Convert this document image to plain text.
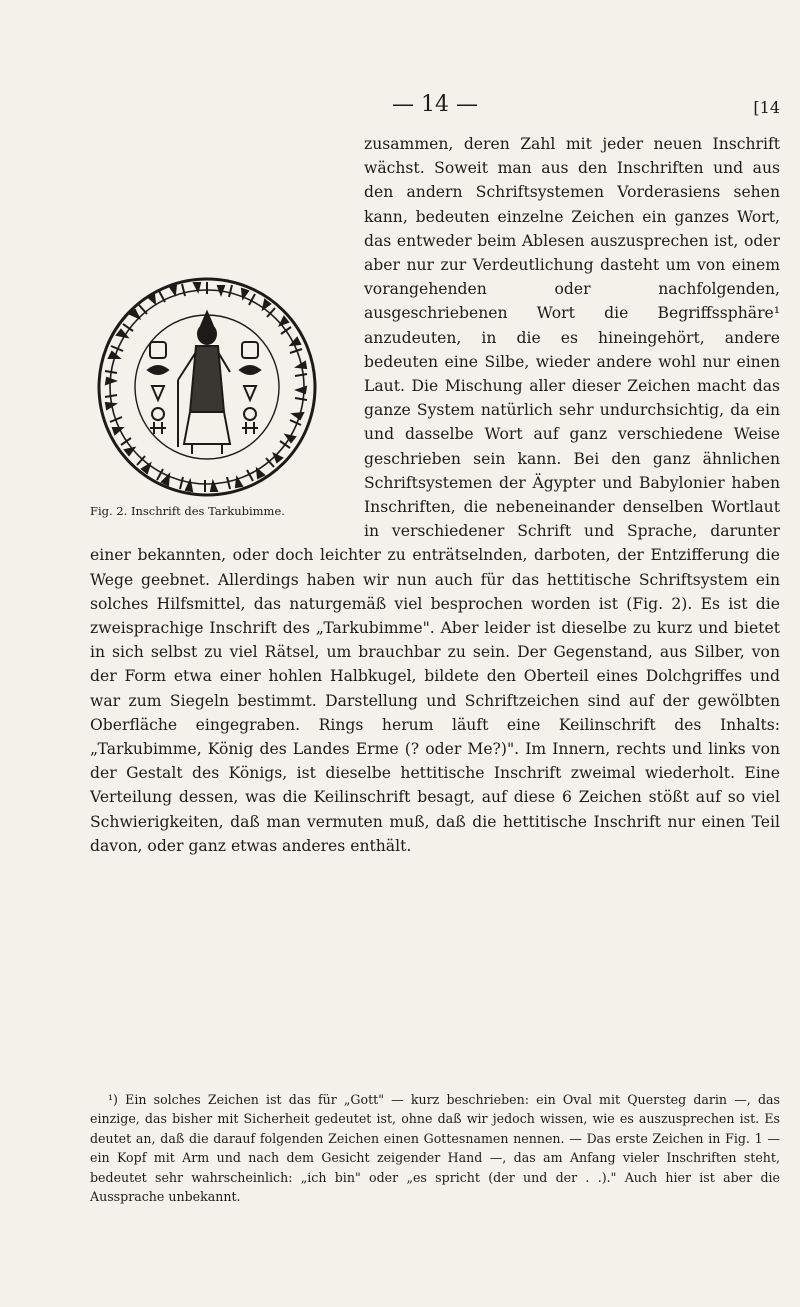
— 14 —	[14
Fig. 2. Inschrift des Tarkubimme.

zusammen, deren Zahl mit jeder neuen Inschrift wächst. Soweit man aus den Inschriften und aus den andern Schriftsystemen Vorderasiens sehen kann, bedeuten einzelne Zeichen ein ganzes Wort, das entweder beim Ablesen auszusprechen ist, oder aber nur zur Verdeutlichung dasteht um von einem vorangehenden oder nachfolgenden, ausgeschriebenen Wort die Begriffssphäre¹ anzudeuten, in die es hineingehört, andere bedeuten eine Silbe, wieder andere wohl nur einen Laut. Die Mischung aller dieser Zeichen macht das ganze System natürlich sehr undurchsichtig, da ein und dasselbe Wort auf ganz verschiedene Weise geschrieben sein kann. Bei den ganz ähnlichen Schriftsystemen der Ägypter und Babylonier haben Inschriften, die nebeneinander denselben Wortlaut in verschiedener Schrift und Sprache, darunter einer bekannten, oder doch leichter zu enträtselnden, darboten, der Entzifferung die Wege geebnet. Allerdings haben wir nun auch für das hettitische Schriftsystem ein solches Hilfsmittel, das naturgemäß viel besprochen worden ist (Fig. 2). Es ist die zweisprachige Inschrift des „Tarkubimme". Aber leider ist dieselbe zu kurz und bietet in sich selbst zu viel Rätsel, um brauchbar zu sein. Der Gegenstand, aus Silber, von der Form etwa einer hohlen Halbkugel, bildete den Oberteil eines Dolchgriffes und war zum Siegeln bestimmt. Darstellung und Schriftzeichen sind auf der gewölbten Oberfläche eingegraben. Rings herum läuft eine Keilinschrift des Inhalts: „Tarkubimme, König des Landes Erme (? oder Me?)". Im Innern, rechts und links von der Gestalt des Königs, ist dieselbe hettitische Inschrift zweimal wiederholt. Eine Verteilung dessen, was die Keilinschrift besagt, auf diese 6 Zeichen stößt auf so viel Schwierigkeiten, daß man vermuten muß, daß die hettitische Inschrift nur einen Teil davon, oder ganz etwas anderes enthält.

¹) Ein solches Zeichen ist das für „Gott" — kurz beschrieben: ein Oval mit Quersteg darin —, das einzige, das bisher mit Sicherheit gedeutet ist, ohne daß wir jedoch wissen, wie es auszusprechen ist. Es deutet an, daß die darauf folgenden Zeichen einen Gottesnamen nennen. — Das erste Zeichen in Fig. 1 — ein Kopf mit Arm und nach dem Gesicht zeigender Hand —, das am Anfang vieler Inschriften steht, bedeutet sehr wahrscheinlich: „ich bin" oder „es spricht (der und der . .)." Auch hier ist aber die Aussprache unbekannt.
